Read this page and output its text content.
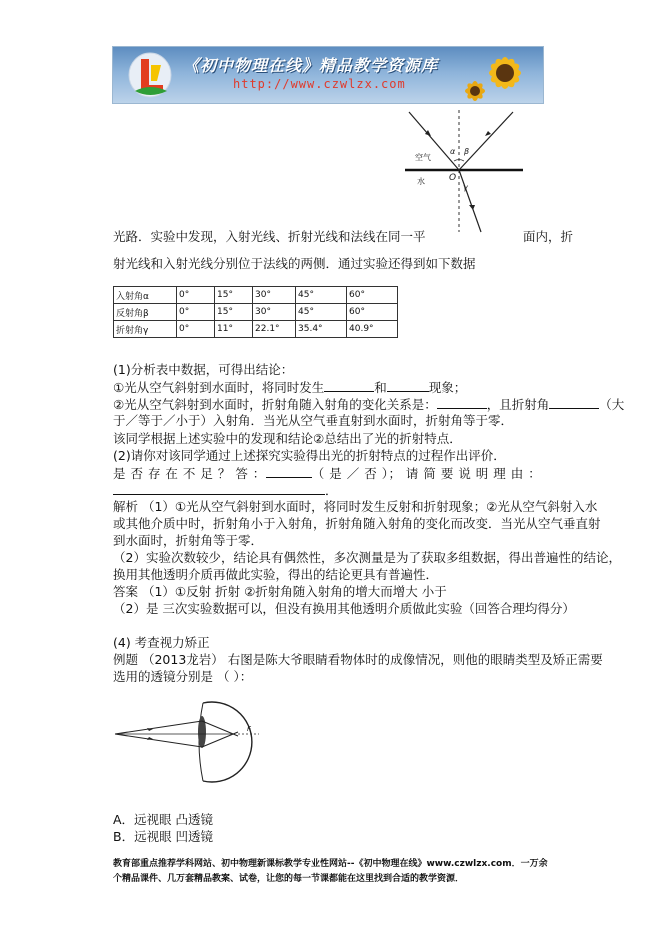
《初中物理在线》精品教学资源库
http://www.czwlzx.com
空气
水
α β
O
γ
光路．实验中发现，入射光线、折射光线和法线在同一平	面内，折
射光线和入射光线分别位于法线的两侧．通过实验还得到如下数据
入射角α	0°	15°	30°	45°	60°
反射角β	0°	15°	30°	45°	60°
折射角γ	0°	11°	22.1°	35.4°	40.9°
(1)分析表中数据，可得出结论：
①光从空气斜射到水面时，将同时发生	和	现象；
②光从空气斜射到水面时，折射角随入射角的变化关系是：	，且折射角	（大
于／等于／小于）入射角．当光从空气垂直射到水面时，折射角等于零．
该同学根据上述实验中的发现和结论②总结出了光的折射特点．
(2)请你对该同学通过上述探究实验得出光的折射特点的过程作出评价．
是 否 存 在 不 足 ？ 答 ：	（ 是 ／ 否 ）； 请 简 要 说 明 理 由 ：
．
解析 （1）①光从空气斜射到水面时，将同时发生反射和折射现象；②光从空气斜射入水
或其他介质中时，折射角小于入射角，折射角随入射角的变化而改变．当光从空气垂直射
到水面时，折射角等于零．
（2）实验次数较少，结论具有偶然性，多次测量是为了获取多组数据，得出普遍性的结论，
换用其他透明介质再做此实验，得出的结论更具有普遍性．
答案 （1）①反射 折射 ②折射角随入射角的增大而增大 小于
（2）是 三次实验数据可以，但没有换用其他透明介质做此实验（回答合理均得分）
(4) 考查视力矫正
例题 （2013龙岩） 右图是陈大爷眼睛看物体时的成像情况，则他的眼睛类型及矫正需要
选用的透镜分别是 （ ）：
F
A．远视眼 凸透镜
B．远视眼 凹透镜
教育部重点推荐学科网站、初中物理新课标教学专业性网站--《初中物理在线》www.czwlzx.com．一万余
个精品课件、几万套精品教案、试卷，让您的每一节课都能在这里找到合适的教学资源．
